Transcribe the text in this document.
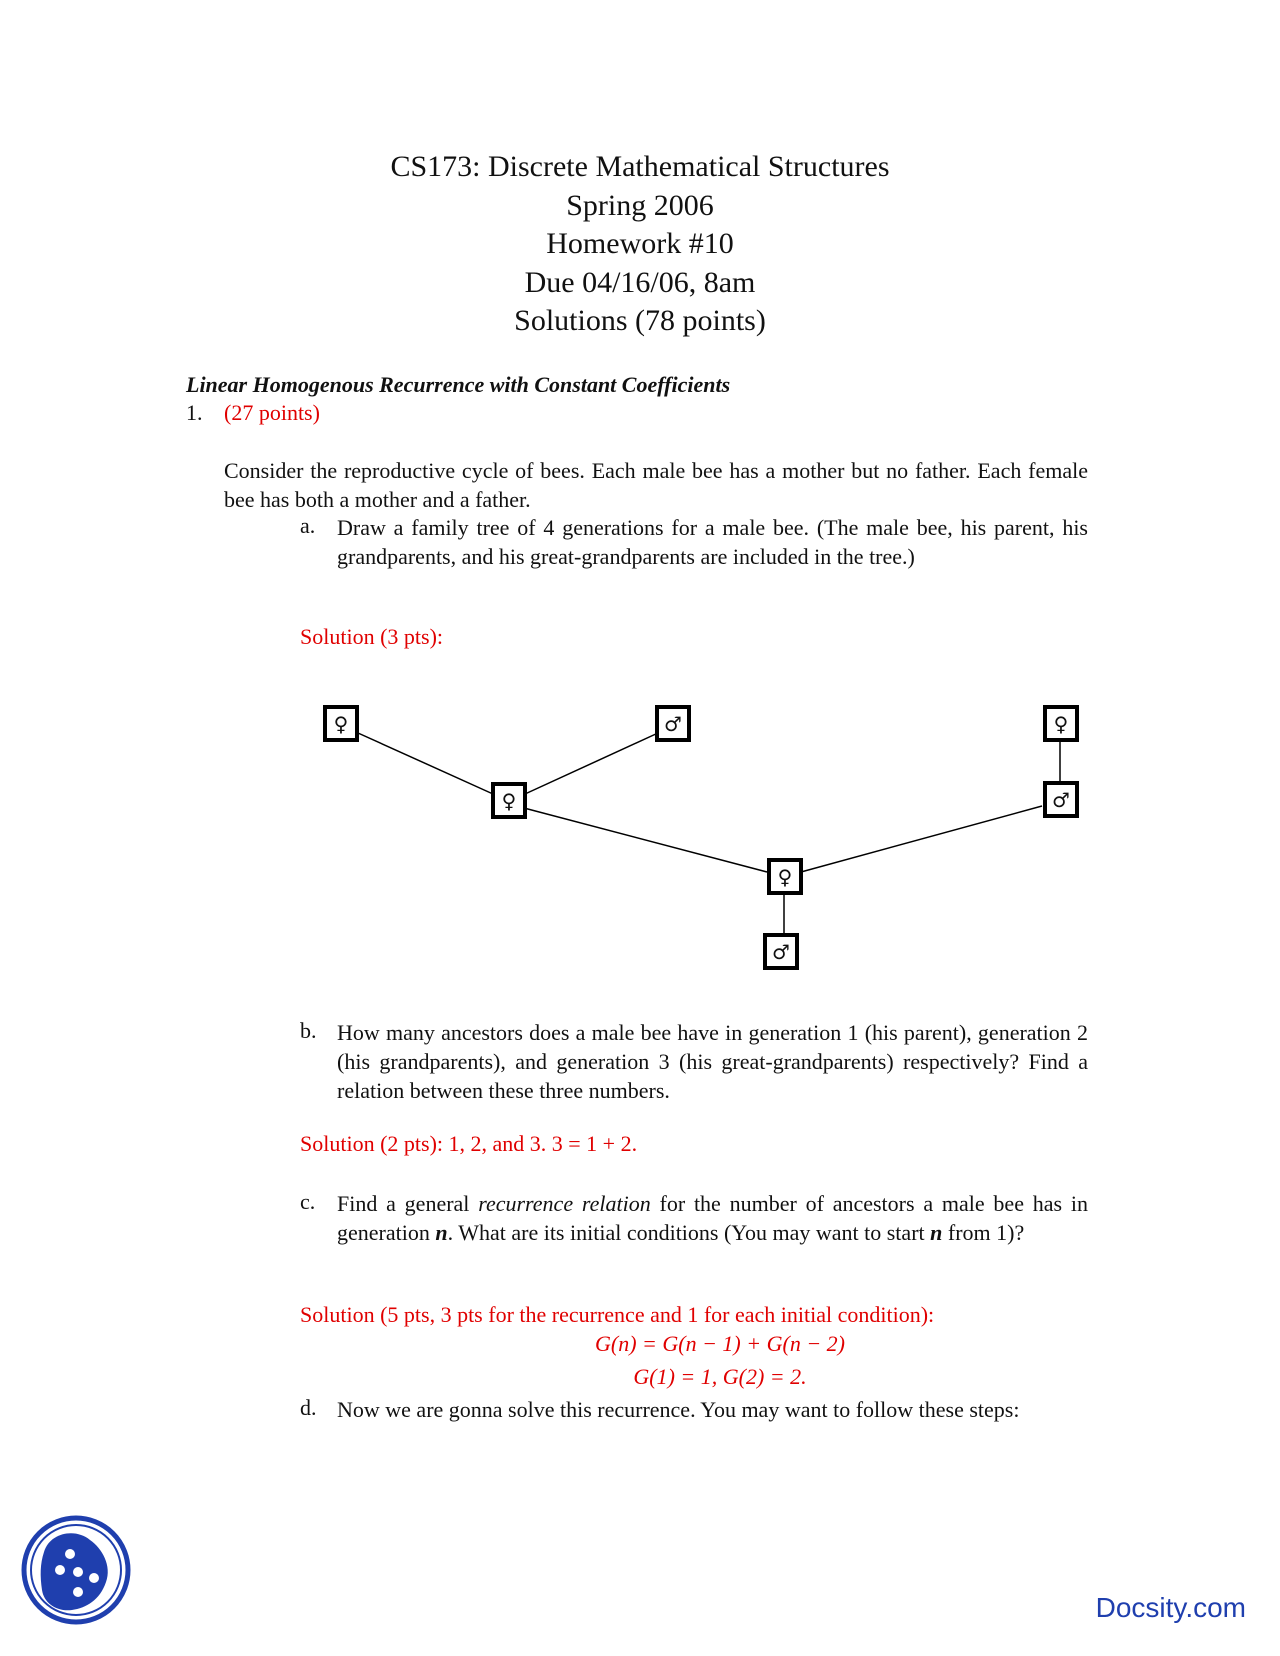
CS173: Discrete Mathematical Structures
Spring 2006
Homework #10
Due 04/16/06, 8am
Solutions (78 points)
Linear Homogenous Recurrence with Constant Coefficients
1. (27 points)
Consider the reproductive cycle of bees. Each male bee has a mother but no father. Each female bee has both a mother and a father.
a. Draw a family tree of 4 generations for a male bee. (The male bee, his parent, his grandparents, and his great-grandparents are included in the tree.)
Solution (3 pts):
♀	♂	♀
♀	♂
♀
♂
b. How many ancestors does a male bee have in generation 1 (his parent), generation 2 (his grandparents), and generation 3 (his great-grandparents) respectively? Find a relation between these three numbers.
Solution (2 pts): 1, 2, and 3. 3 = 1 + 2.
c. Find a general recurrence relation for the number of ancestors a male bee has in generation n. What are its initial conditions (You may want to start n from 1)?
Solution (5 pts, 3 pts for the recurrence and 1 for each initial condition):
G(n) = G(n − 1) + G(n − 2)
G(1) = 1, G(2) = 2.
d. Now we are gonna solve this recurrence. You may want to follow these steps:
Docsity.com
